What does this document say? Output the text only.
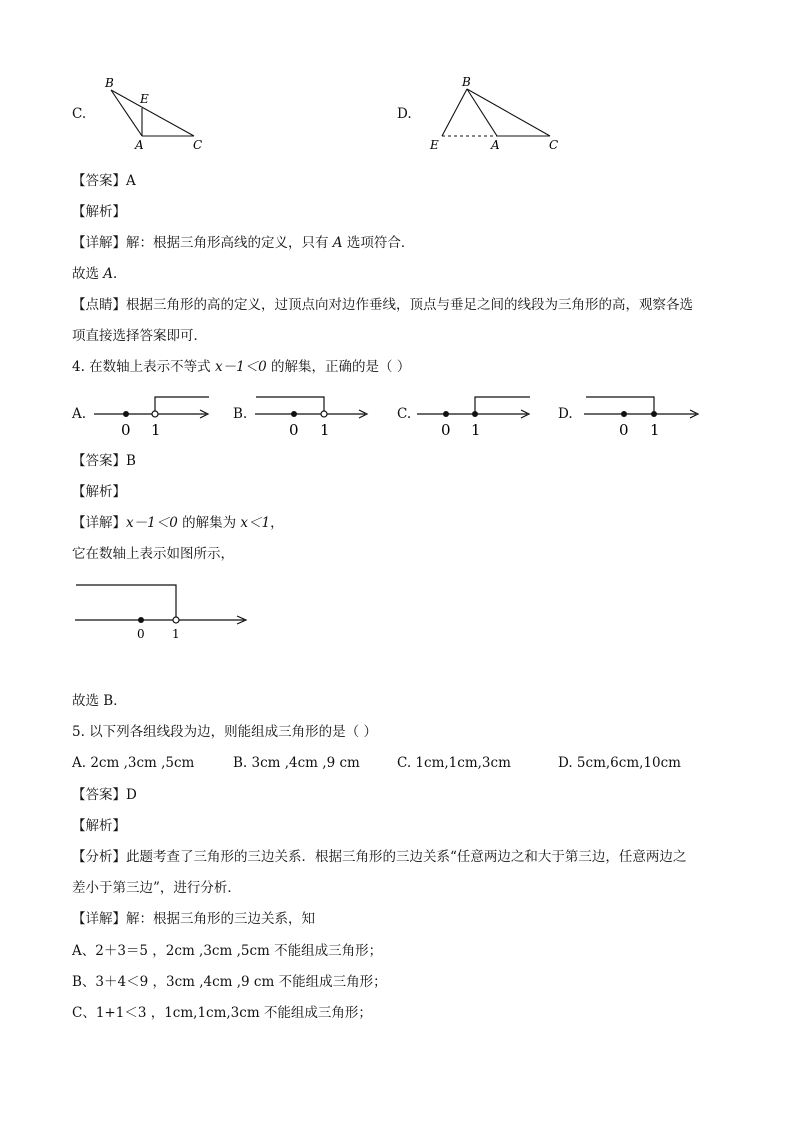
C.
B
E
A	C
D.
B
E	A	C
【答案】A
【解析】
【详解】解：根据三角形高线的定义，只有 A 选项符合．
故选 A．
【点睛】根据三角形的高的定义，过顶点向对边作垂线，顶点与垂足之间的线段为三角形的高，观察各选
项直接选择答案即可．
4. 在数轴上表示不等式 x－1＜0 的解集，正确的是（ ）
A.
0 1
B.
0 1
C.
0 1
D.
0 1
【答案】B
【解析】
【详解】x－1＜0 的解集为 x＜1，
它在数轴上表示如图所示，
0 1
故选 B．
5. 以下列各组线段为边，则能组成三角形的是（ ）
A. 2cm ,3cm ,5cm	B. 3cm ,4cm ,9 cm	C. 1cm,1cm,3cm	D. 5cm,6cm,10cm
【答案】D
【解析】
【分析】此题考查了三角形的三边关系．根据三角形的三边关系“任意两边之和大于第三边，任意两边之
差小于第三边”，进行分析．
【详解】解：根据三角形的三边关系，知
A、2＋3＝5 ，2cm ,3cm ,5cm 不能组成三角形；
B、3＋4＜9 ，3cm ,4cm ,9 cm 不能组成三角形；
C、1+1＜3 ，1cm,1cm,3cm 不能组成三角形；
